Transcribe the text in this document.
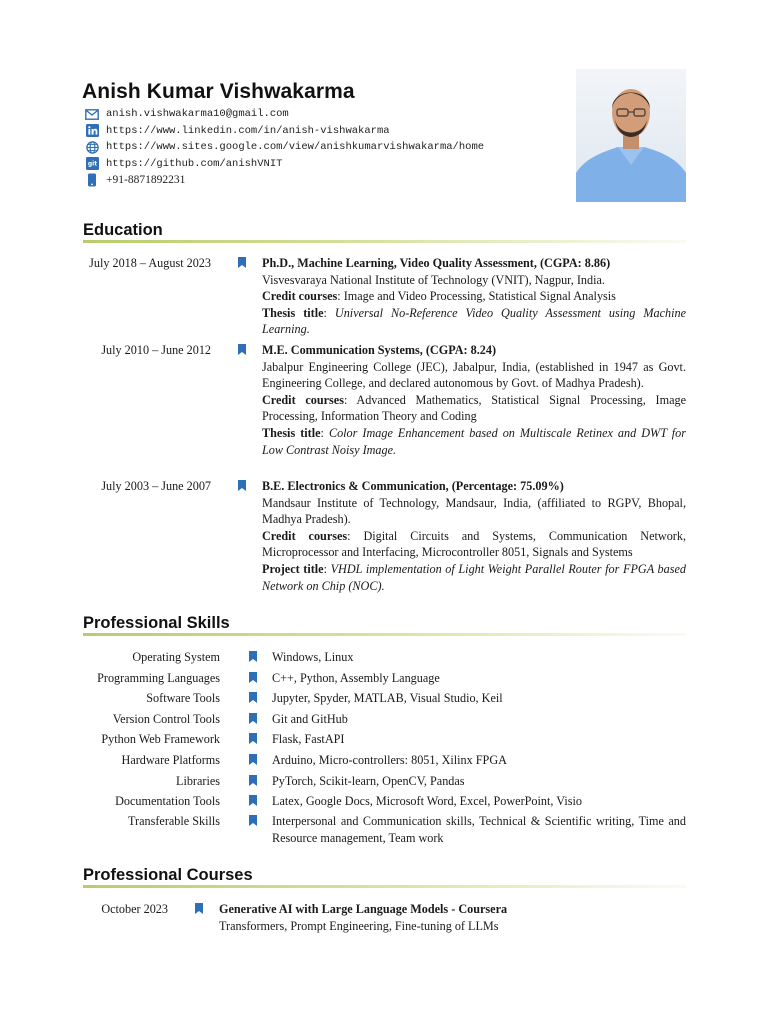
Anish Kumar Vishwakarma
anish.vishwakarma10@gmail.com
https://www.linkedin.com/in/anish-vishwakarma
https://www.sites.google.com/view/anishkumarvishwakarma/home
git https://github.com/anishVNIT
+91-8871892231
Education
July 2018 – August 2023	Ph.D., Machine Learning, Video Quality Assessment, (CGPA: 8.86)
Visvesvaraya National Institute of Technology (VNIT), Nagpur, India.
Credit courses: Image and Video Processing, Statistical Signal Analysis
Thesis title: Universal No-Reference Video Quality Assessment using Machine Learning.
July 2010 – June 2012	M.E. Communication Systems, (CGPA: 8.24)
Jabalpur Engineering College (JEC), Jabalpur, India, (established in 1947 as Govt. Engineering College, and declared autonomous by Govt. of Madhya Pradesh).
Credit courses: Advanced Mathematics, Statistical Signal Processing, Image Processing, Information Theory and Coding
Thesis title: Color Image Enhancement based on Multiscale Retinex and DWT for Low Contrast Noisy Image.
July 2003 – June 2007	B.E. Electronics & Communication, (Percentage: 75.09%)
Mandsaur Institute of Technology, Mandsaur, India, (affiliated to RGPV, Bhopal, Madhya Pradesh).
Credit courses: Digital Circuits and Systems, Communication Network, Microprocessor and Interfacing, Microcontroller 8051, Signals and Systems
Project title: VHDL implementation of Light Weight Parallel Router for FPGA based Network on Chip (NOC).
Professional Skills
Operating System	Windows, Linux
Programming Languages	C++, Python, Assembly Language
Software Tools	Jupyter, Spyder, MATLAB, Visual Studio, Keil
Version Control Tools	Git and GitHub
Python Web Framework	Flask, FastAPI
Hardware Platforms	Arduino, Micro-controllers: 8051, Xilinx FPGA
Libraries	PyTorch, Scikit-learn, OpenCV, Pandas
Documentation Tools	Latex, Google Docs, Microsoft Word, Excel, PowerPoint, Visio
Transferable Skills	Interpersonal and Communication skills, Technical & Scientific writing, Time and Resource management, Team work
Professional Courses
October 2023	Generative AI with Large Language Models - Coursera
Transformers, Prompt Engineering, Fine-tuning of LLMs
